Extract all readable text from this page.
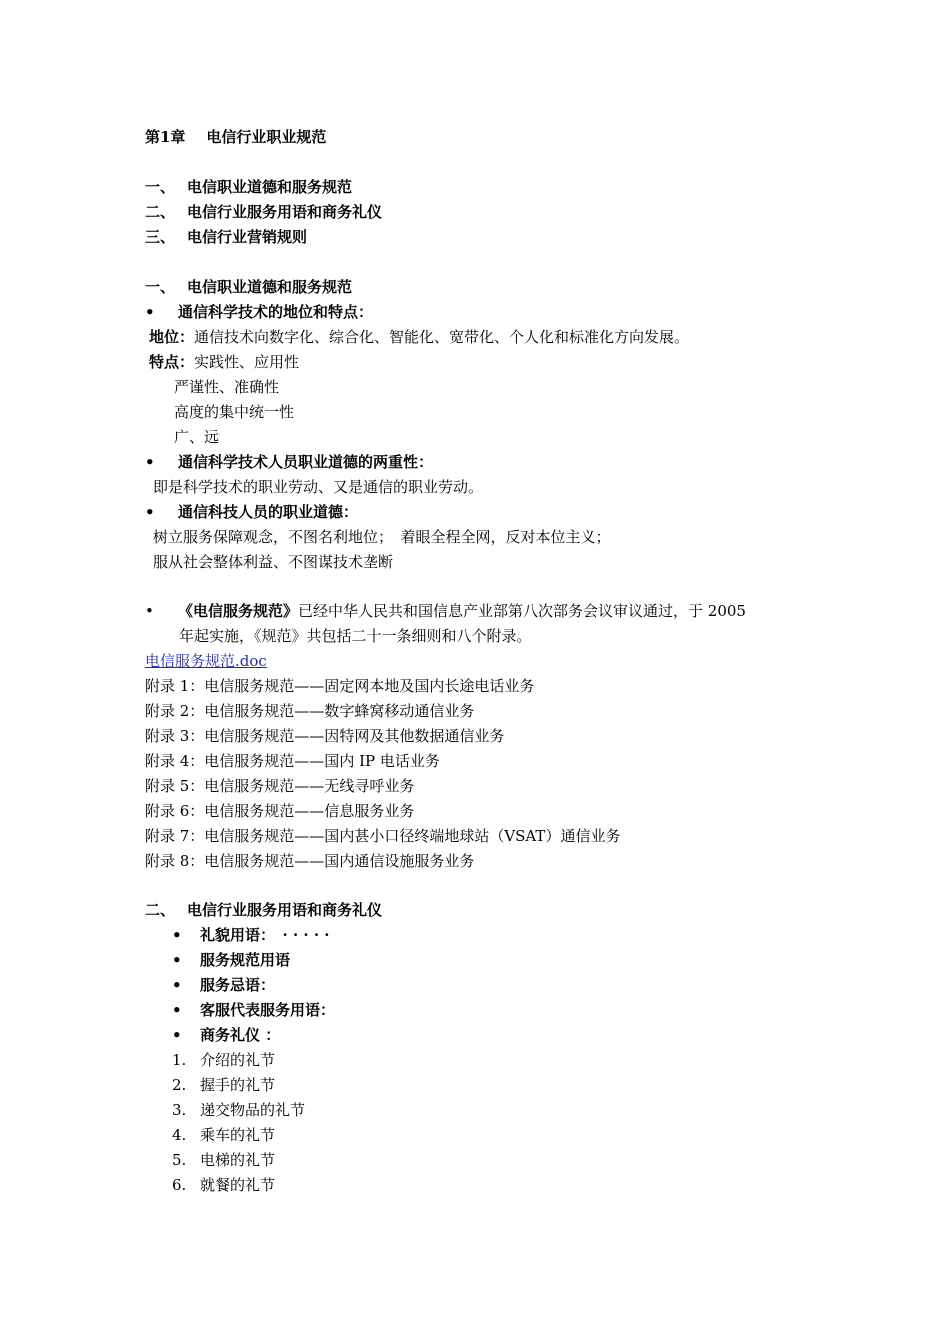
第1章 电信行业职业规范
一、 电信职业道德和服务规范
二、 电信行业服务用语和商务礼仪
三、 电信行业营销规则
一、 电信职业道德和服务规范
• 通信科学技术的地位和特点：
地位：通信技术向数字化、综合化、智能化、宽带化、个人化和标准化方向发展。
特点：实践性、应用性
严谨性、准确性
高度的集中统一性
广、远
• 通信科学技术人员职业道德的两重性：
即是科学技术的职业劳动、又是通信的职业劳动。
• 通信科技人员的职业道德：
树立服务保障观念，不图名利地位；　着眼全程全网，反对本位主义；
服从社会整体利益、不图谋技术垄断
• 《电信服务规范》已经中华人民共和国信息产业部第八次部务会议审议通过，于 2005
年起实施，《规范》共包括二十一条细则和八个附录。
电信服务规范.doc
附录 1：电信服务规范——固定网本地及国内长途电话业务
附录 2：电信服务规范——数字蜂窝移动通信业务
附录 3：电信服务规范——因特网及其他数据通信业务
附录 4：电信服务规范——国内 IP 电话业务
附录 5：电信服务规范——无线寻呼业务
附录 6：电信服务规范——信息服务业务
附录 7：电信服务规范——国内甚小口径终端地球站（VSAT）通信业务
附录 8：电信服务规范——国内通信设施服务业务
二、 电信行业服务用语和商务礼仪
• 礼貌用语：　· · · · ·
• 服务规范用语
• 服务忌语：
• 客服代表服务用语：
• 商务礼仪 ：
1. 介绍的礼节
2. 握手的礼节
3. 递交物品的礼节
4. 乘车的礼节
5. 电梯的礼节
6. 就餐的礼节
